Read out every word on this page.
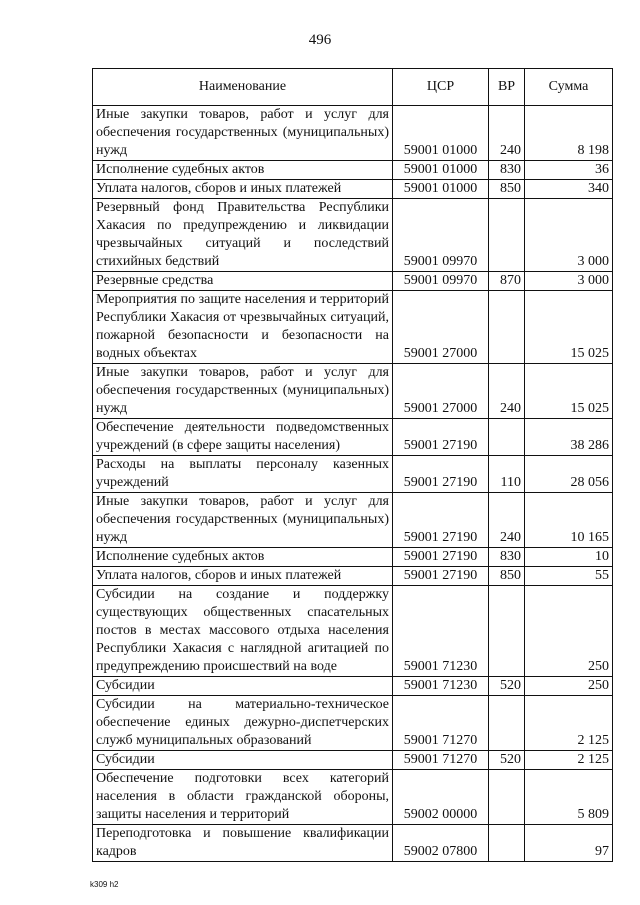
496
Наименование	ЦСР	ВР	Сумма
Иные закупки товаров, работ и услуг для обеспечения государственных (муниципальных) нужд	59001 01000	240	8 198
Исполнение судебных актов	59001 01000	830	36
Уплата налогов, сборов и иных платежей	59001 01000	850	340
Резервный фонд Правительства Республики Хакасия по предупреждению и ликвидации чрезвычайных ситуаций и последствий стихийных бедствий	59001 09970		3 000
Резервные средства	59001 09970	870	3 000
Мероприятия по защите населения и территорий Республики Хакасия от чрезвычайных ситуаций, пожарной безопасности и безопасности на водных объектах	59001 27000		15 025
Иные закупки товаров, работ и услуг для обеспечения государственных (муниципальных) нужд	59001 27000	240	15 025
Обеспечение деятельности подведомственных учреждений (в сфере защиты населения)	59001 27190		38 286
Расходы на выплаты персоналу казенных учреждений	59001 27190	110	28 056
Иные закупки товаров, работ и услуг для обеспечения государственных (муниципальных) нужд	59001 27190	240	10 165
Исполнение судебных актов	59001 27190	830	10
Уплата налогов, сборов и иных платежей	59001 27190	850	55
Субсидии на создание и поддержку существующих общественных спасательных постов в местах массового отдыха населения Республики Хакасия с наглядной агитацией по предупреждению происшествий на воде	59001 71230		250
Субсидии	59001 71230	520	250
Субсидии на материально-техническое обеспечение единых дежурно-диспетчерских служб муниципальных образований	59001 71270		2 125
Субсидии	59001 71270	520	2 125
Обеспечение подготовки всех категорий населения в области гражданской обороны, защиты населения и территорий	59002 00000		5 809
Переподготовка и повышение квалификации кадров	59002 07800		97
k309 h2
